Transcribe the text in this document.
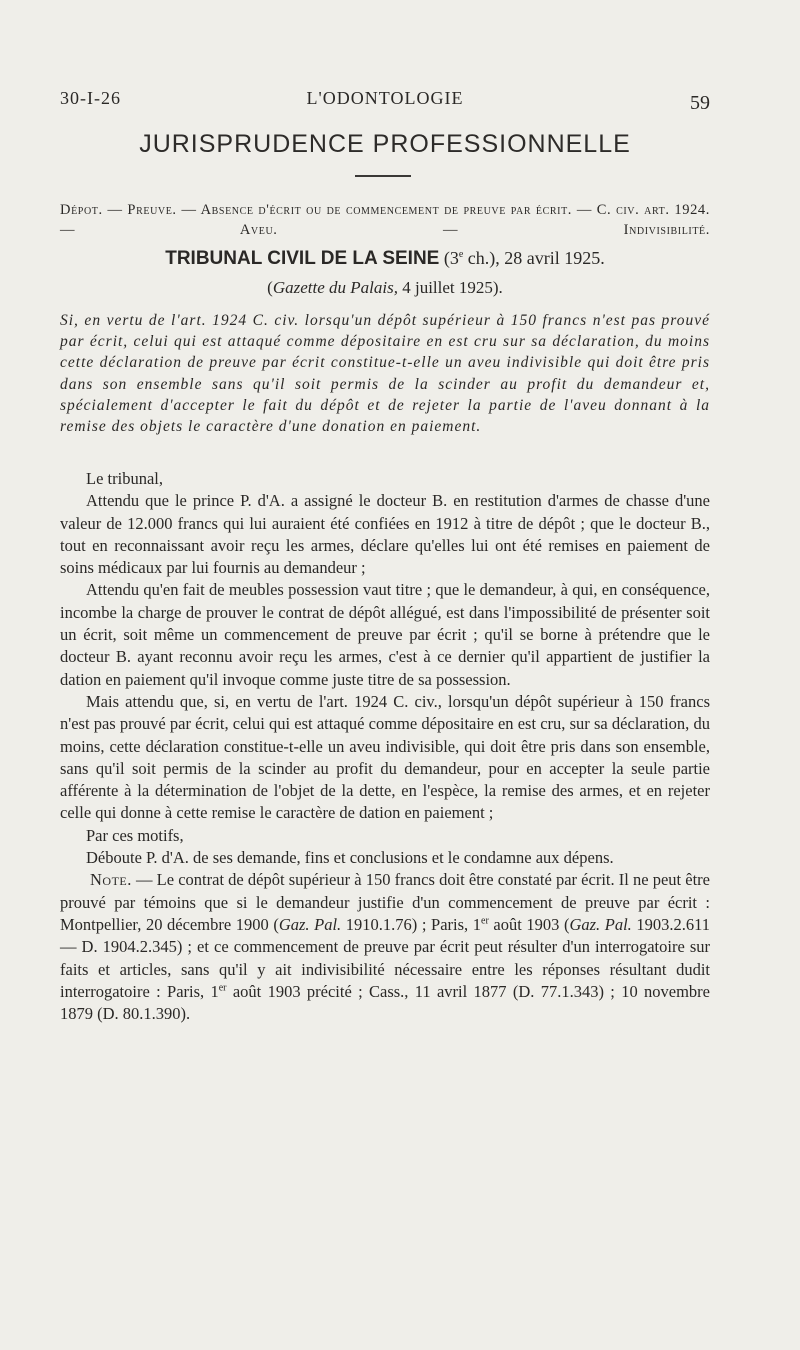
30-I-26	L'ODONTOLOGIE	59
JURISPRUDENCE PROFESSIONNELLE
Dépot. — Preuve. — Absence d'écrit ou de commencement de preuve par écrit. — C. civ. art. 1924. — Aveu. — Indivisibilité.
TRIBUNAL CIVIL DE LA SEINE (3e ch.), 28 avril 1925.
(Gazette du Palais, 4 juillet 1925).
Si, en vertu de l'art. 1924 C. civ. lorsqu'un dépôt supérieur à 150 francs n'est pas prouvé par écrit, celui qui est attaqué comme dépositaire en est cru sur sa déclaration, du moins cette déclaration de preuve par écrit constitue-t-elle un aveu indivisible qui doit être pris dans son ensemble sans qu'il soit permis de la scinder au profit du demandeur et, spécialement d'accepter le fait du dépôt et de rejeter la partie de l'aveu donnant à la remise des objets le caractère d'une donation en paiement.

Le tribunal,

Attendu que le prince P. d'A. a assigné le docteur B. en restitution d'armes de chasse d'une valeur de 12.000 francs qui lui auraient été confiées en 1912 à titre de dépôt ; que le docteur B., tout en reconnaissant avoir reçu les armes, déclare qu'elles lui ont été remises en paiement de soins médicaux par lui fournis au demandeur ;

Attendu qu'en fait de meubles possession vaut titre ; que le demandeur, à qui, en conséquence, incombe la charge de prouver le contrat de dépôt allégué, est dans l'impossibilité de présenter soit un écrit, soit même un commencement de preuve par écrit ; qu'il se borne à prétendre que le docteur B. ayant reconnu avoir reçu les armes, c'est à ce dernier qu'il appartient de justifier la dation en paiement qu'il invoque comme juste titre de sa possession.

Mais attendu que, si, en vertu de l'art. 1924 C. civ., lorsqu'un dépôt supérieur à 150 francs n'est pas prouvé par écrit, celui qui est attaqué comme dépositaire en est cru, sur sa déclaration, du moins, cette déclaration constitue-t-elle un aveu indivisible, qui doit être pris dans son ensemble, sans qu'il soit permis de la scinder au profit du demandeur, pour en accepter la seule partie afférente à la détermination de l'objet de la dette, en l'espèce, la remise des armes, et en rejeter celle qui donne à cette remise le caractère de dation en paiement ;

Par ces motifs,

Déboute P. d'A. de ses demande, fins et conclusions et le condamne aux dépens.

Note. — Le contrat de dépôt supérieur à 150 francs doit être constaté par écrit. Il ne peut être prouvé par témoins que si le demandeur justifie d'un commencement de preuve par écrit : Montpellier, 20 décembre 1900 (Gaz. Pal. 1910.1.76) ; Paris, 1er août 1903 (Gaz. Pal. 1903.2.611 — D. 1904.2.345) ; et ce commencement de preuve par écrit peut résulter d'un interrogatoire sur faits et articles, sans qu'il y ait indivisibilité nécessaire entre les réponses résultant dudit interrogatoire : Paris, 1er août 1903 précité ; Cass., 11 avril 1877 (D. 77.1.343) ; 10 novembre 1879 (D. 80.1.390).
